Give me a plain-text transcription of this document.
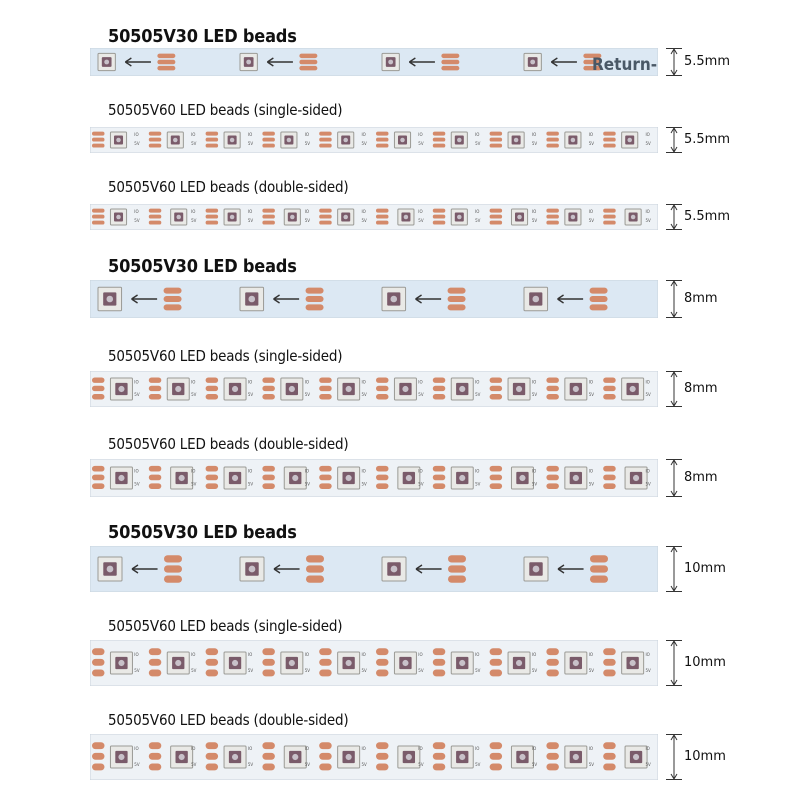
50505V30 LED beads
5.5mm
50505V60 LED beads (single-sided)
IO
5V
IO
5V
IO
5V
IO
5V
IO
5V
IO
5V
IO
5V
IO
5V
IO
5V
IO
5V	5.5mm
50505V60 LED beads (double-sided)
IO
5V
IO
5V
IO
5V
IO
5V
IO
5V
IO
5V
IO
5V
IO
5V
IO
5V
IO
5V	5.5mm
50505V30 LED beads
8mm
50505V60 LED beads (single-sided)
IO
5V
IO
5V
IO
5V
IO
5V
IO
5V
IO
5V
IO
5V
IO
5V
IO
5V
IO
5V	8mm
50505V60 LED beads (double-sided)
IO
5V
IO
5V
IO
5V
IO
5V
IO
5V
IO
5V
IO
5V
IO
5V
IO
5V
IO
5V	8mm
50505V30 LED beads
10mm
50505V60 LED beads (single-sided)
IO
5V
IO
5V
IO
5V
IO
5V
IO
5V
IO
5V
IO
5V
IO
5V
IO
5V
IO
5V
10mm
50505V60 LED beads (double-sided)
IO
5V
IO
5V
IO
5V
IO
5V
IO
5V
IO
5V
IO
5V
IO
5V
IO
5V
IO
5V
10mm
Return-
